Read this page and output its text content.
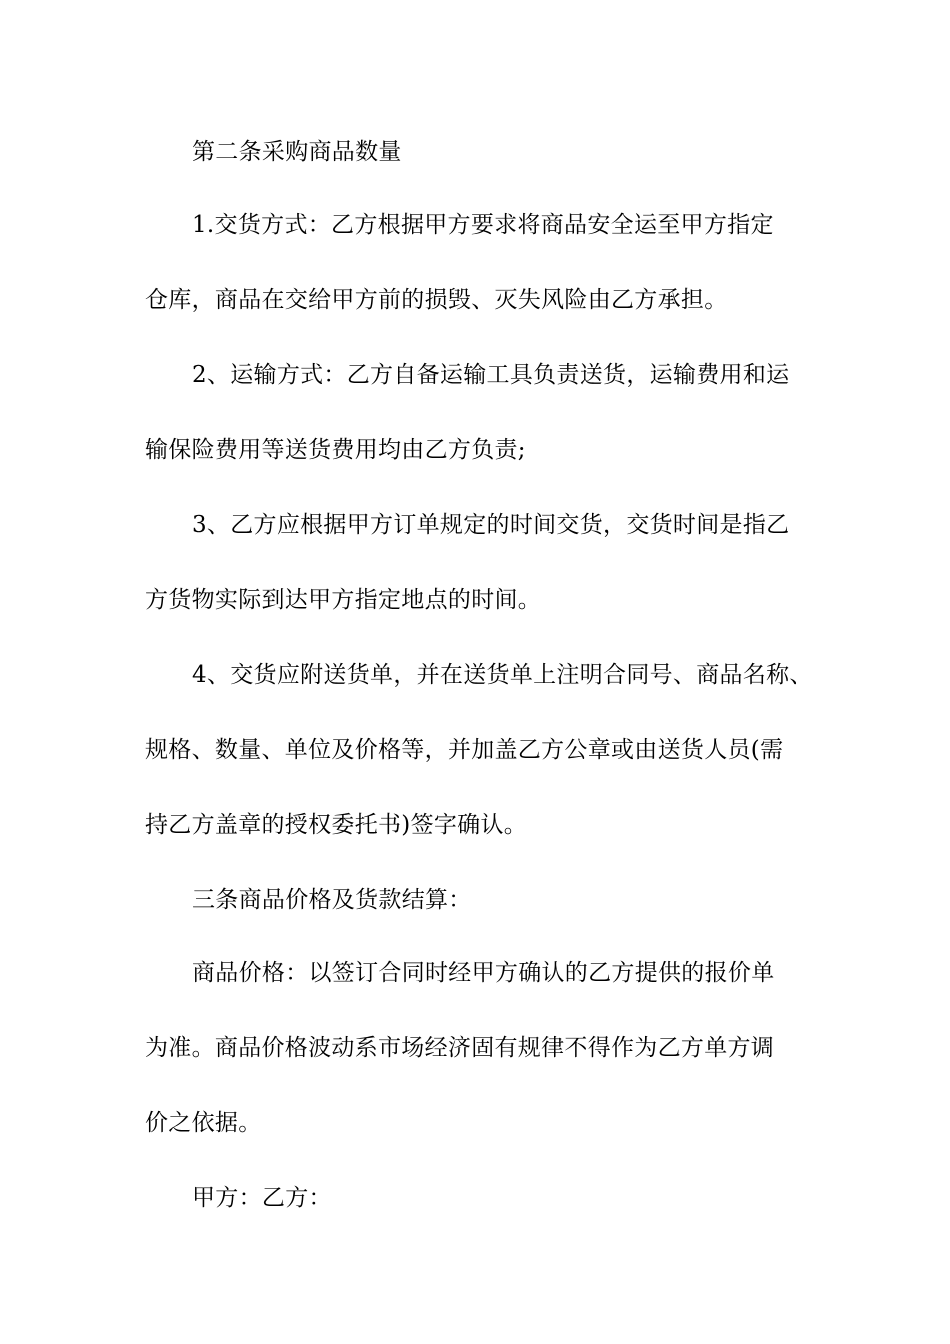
第二条采购商品数量
1.交货方式：乙方根据甲方要求将商品安全运至甲方指定
仓库，商品在交给甲方前的损毁、灭失风险由乙方承担。
2、运输方式：乙方自备运输工具负责送货，运输费用和运
输保险费用等送货费用均由乙方负责;
3、乙方应根据甲方订单规定的时间交货，交货时间是指乙
方货物实际到达甲方指定地点的时间。
4、交货应附送货单，并在送货单上注明合同号、商品名称、
规格、数量、单位及价格等，并加盖乙方公章或由送货人员(需
持乙方盖章的授权委托书)签字确认。
三条商品价格及货款结算：
商品价格：以签订合同时经甲方确认的乙方提供的报价单
为准。商品价格波动系市场经济固有规律不得作为乙方单方调
价之依据。
甲方：乙方：
